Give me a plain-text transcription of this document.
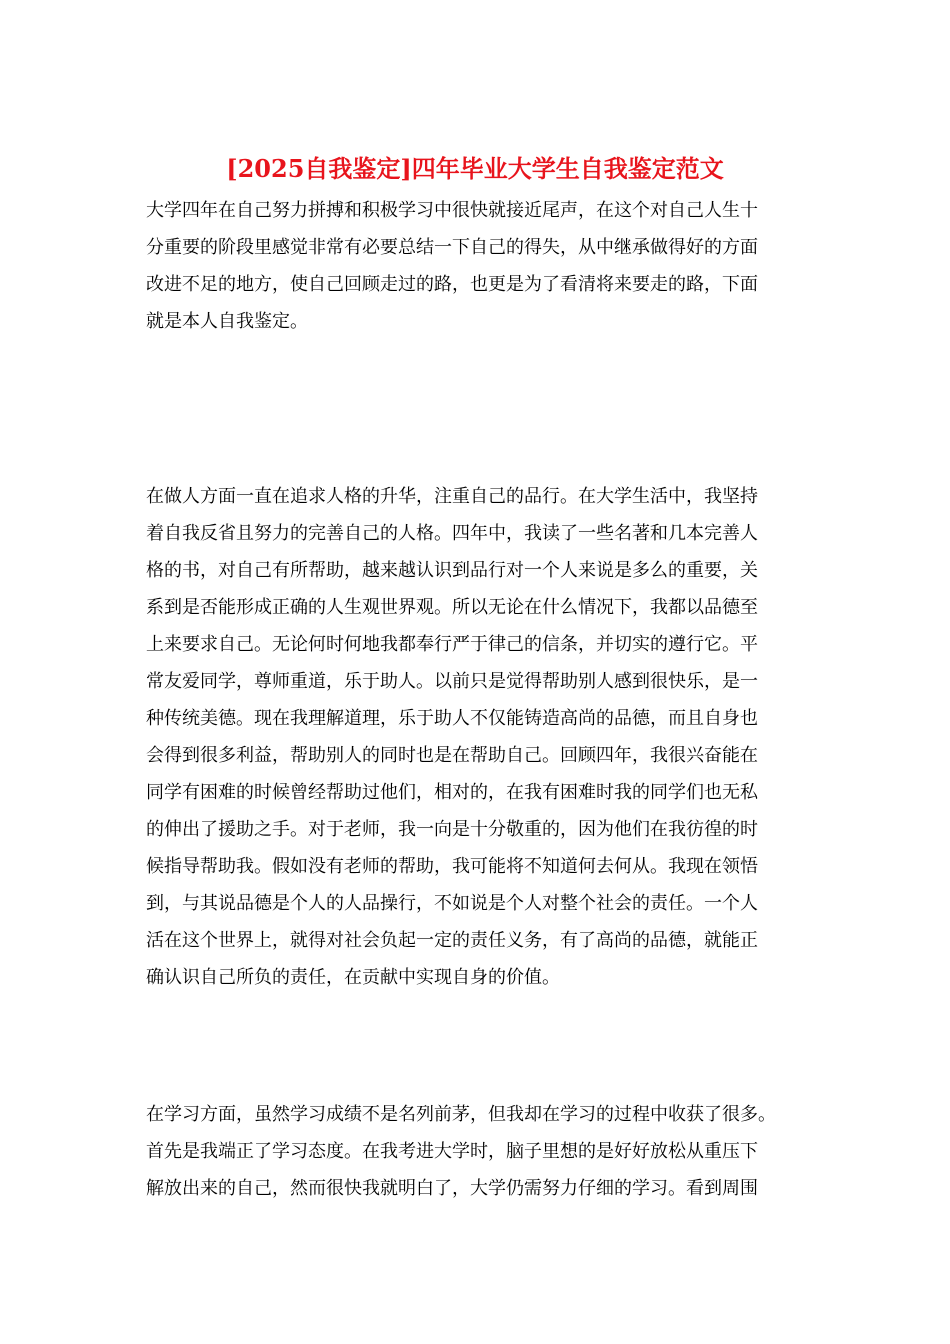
[2025自我鉴定]四年毕业大学生自我鉴定范文

大学四年在自己努力拼搏和积极学习中很快就接近尾声，在这个对自己人生十

分重要的阶段里感觉非常有必要总结一下自己的得失，从中继承做得好的方面

改进不足的地方，使自己回顾走过的路，也更是为了看清将来要走的路，下面

就是本人自我鉴定。

在做人方面一直在追求人格的升华，注重自己的品行。在大学生活中，我坚持

着自我反省且努力的完善自己的人格。四年中，我读了一些名著和几本完善人

格的书，对自己有所帮助，越来越认识到品行对一个人来说是多么的重要，关

系到是否能形成正确的人生观世界观。所以无论在什么情况下，我都以品德至

上来要求自己。无论何时何地我都奉行严于律己的信条，并切实的遵行它。平

常友爱同学，尊师重道，乐于助人。以前只是觉得帮助别人感到很快乐，是一

种传统美德。现在我理解道理，乐于助人不仅能铸造高尚的品德，而且自身也

会得到很多利益，帮助别人的同时也是在帮助自己。回顾四年，我很兴奋能在

同学有困难的时候曾经帮助过他们，相对的，在我有困难时我的同学们也无私

的伸出了援助之手。对于老师，我一向是十分敬重的，因为他们在我彷徨的时

候指导帮助我。假如没有老师的帮助，我可能将不知道何去何从。我现在领悟

到，与其说品德是个人的人品操行，不如说是个人对整个社会的责任。一个人

活在这个世界上，就得对社会负起一定的责任义务，有了高尚的品德，就能正

确认识自己所负的责任，在贡献中实现自身的价值。

在学习方面，虽然学习成绩不是名列前茅，但我却在学习的过程中收获了很多。

首先是我端正了学习态度。在我考进大学时，脑子里想的是好好放松从重压下

解放出来的自己，然而很快我就明白了，大学仍需努力仔细的学习。看到周围
